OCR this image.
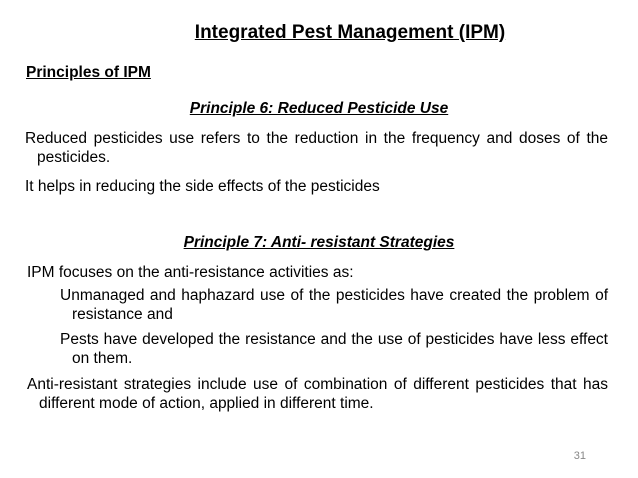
Integrated Pest Management (IPM)
Principles of IPM
Principle 6: Reduced Pesticide Use
Reduced pesticides use refers to the reduction in the frequency and doses of the pesticides.
It helps in reducing the side effects of the pesticides
Principle 7: Anti- resistant Strategies
IPM focuses on the anti-resistance activities as:
Unmanaged and haphazard use of the pesticides have created the problem of resistance and
Pests have developed the resistance and the use of pesticides have less effect on them.
Anti-resistant strategies include use of combination of different pesticides that has different mode of action, applied in different time.
31
